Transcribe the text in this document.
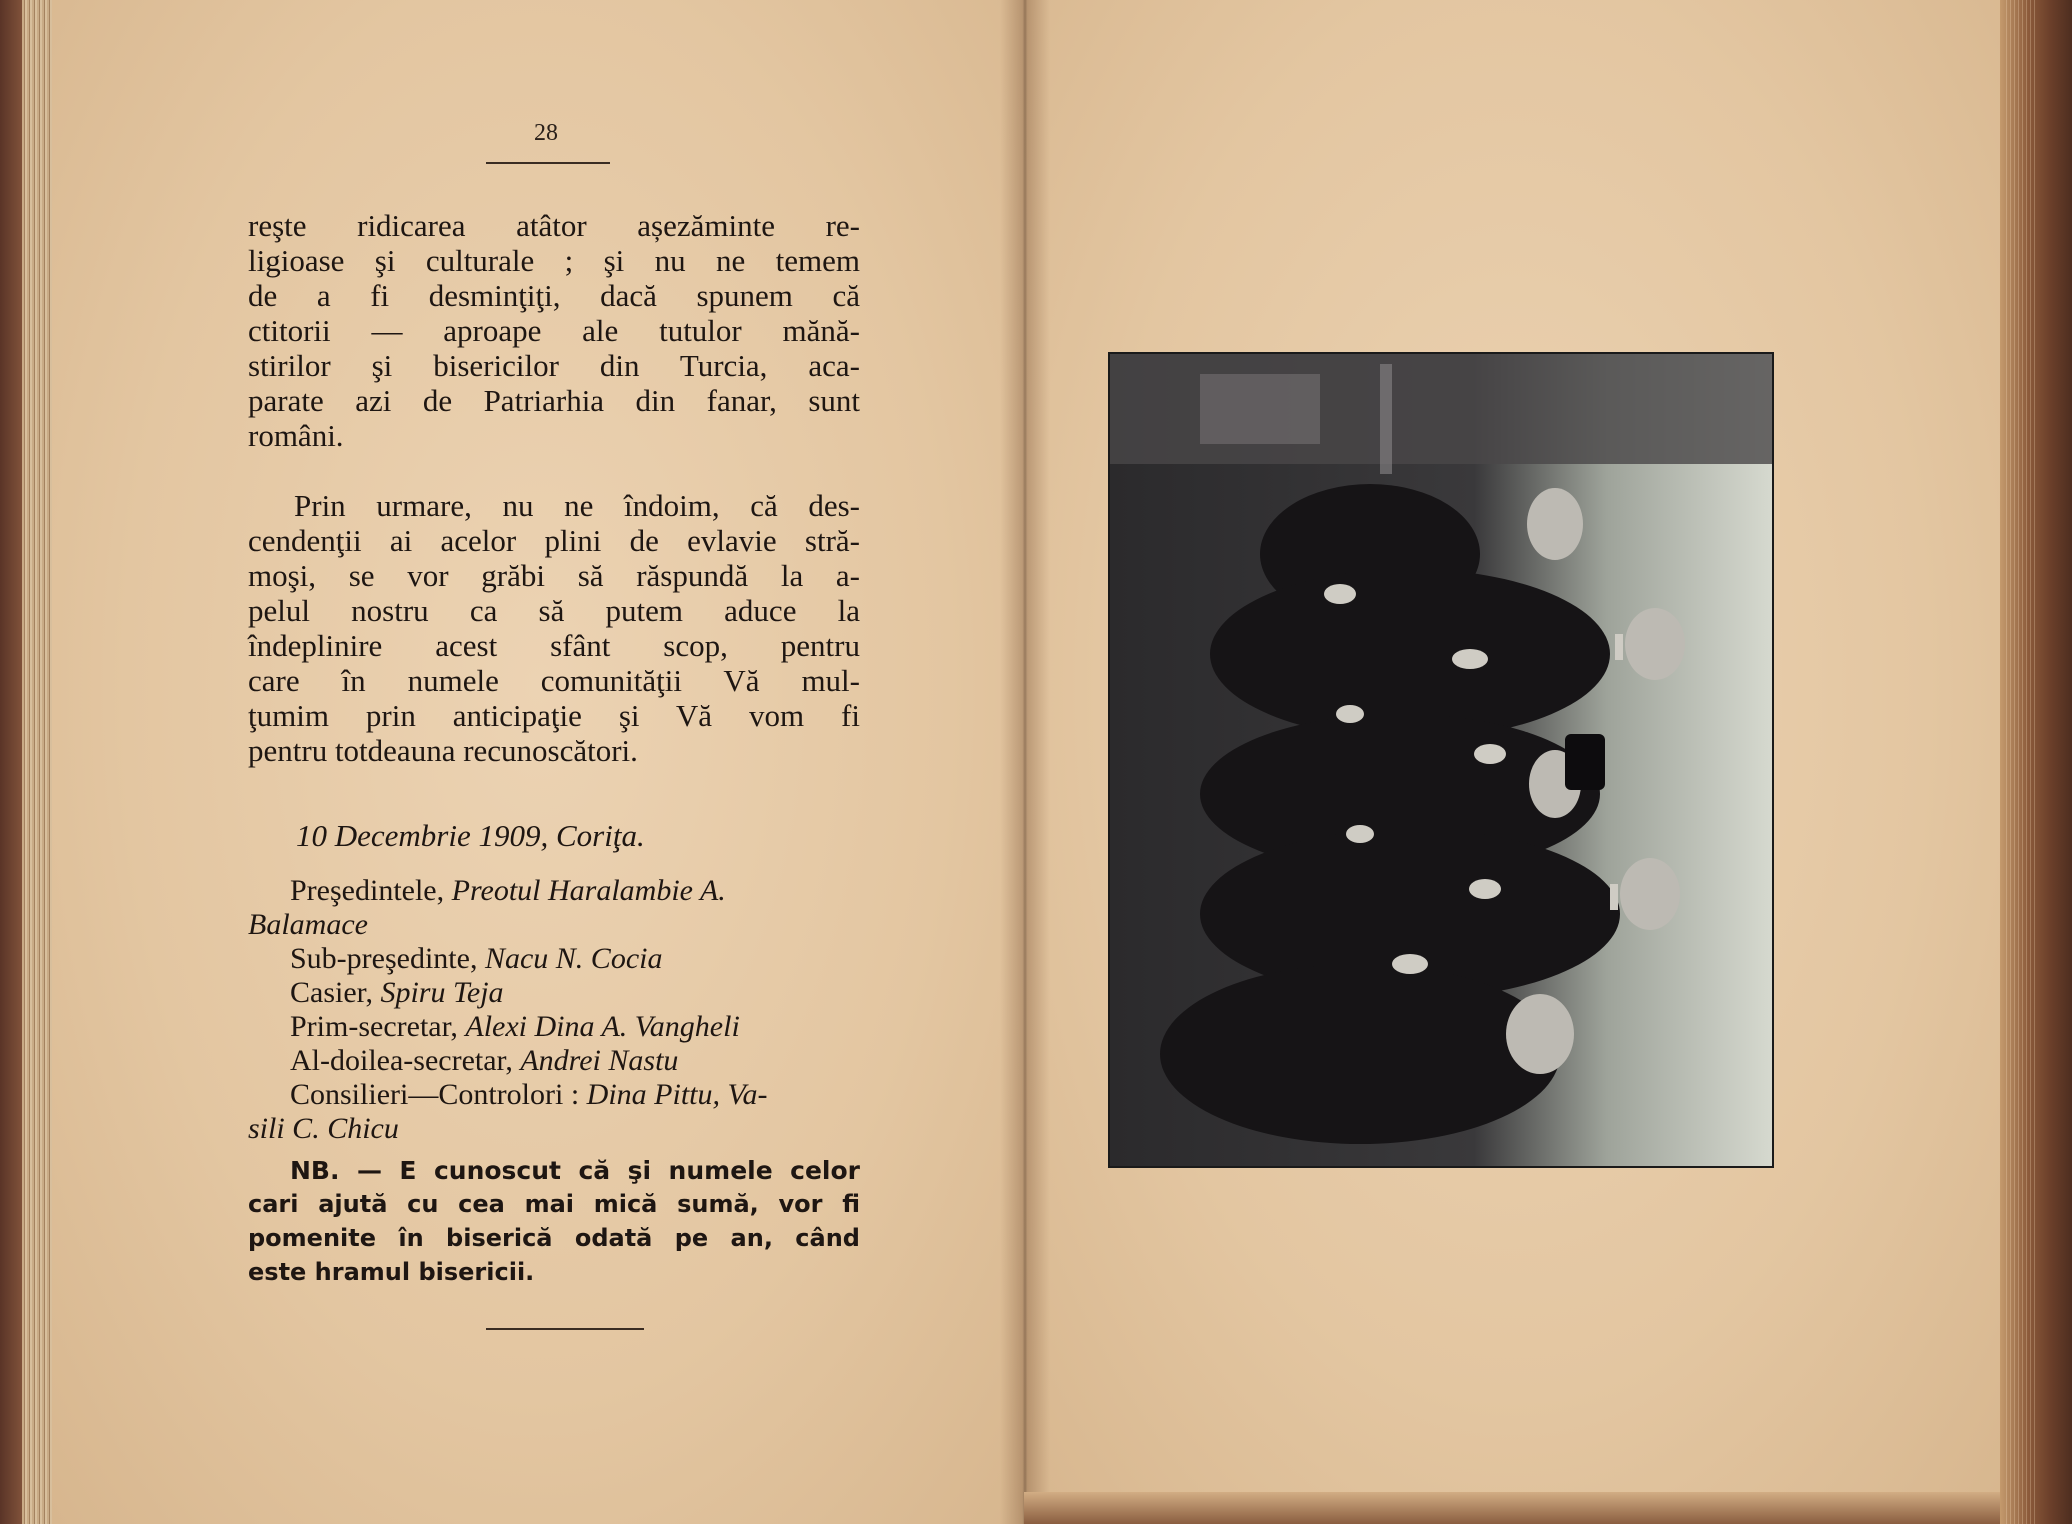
28
reşte ridicarea atâtor așezăminte re-
ligioase şi culturale ; şi nu ne temem
de a fi desminţiţi, dacă spunem că
ctitorii — aproape ale tutulor mănă-
stirilor şi bisericilor din Turcia, aca-
parate azi de Patriarhia din fanar, sunt
români.
Prin urmare, nu ne îndoim, că des-
cendenţii ai acelor plini de evlavie stră-
moşi, se vor grăbi să răspundă la a-
pelul nostru ca să putem aduce la
îndeplinire acest sfânt scop, pentru
care în numele comunităţii Vă mul-
ţumim prin anticipaţie şi Vă vom fi
pentru totdeauna recunoscători.
10 Decembrie 1909, Coriţa.
Preşedintele, Preotul Haralambie A.
Balamace
Sub-preşedinte, Nacu N. Cocia
Casier, Spiru Teja
Prim-secretar, Alexi Dina A. Vangheli
Al-doilea-secretar, Andrei Nastu
Consilieri—Controlori : Dina Pittu, Va-
sili C. Chicu
NB. — E cunoscut că şi numele celor
cari ajută cu cea mai mică sumă, vor fi
pomenite în biserică odată pe an, când
este hramul bisericii.
